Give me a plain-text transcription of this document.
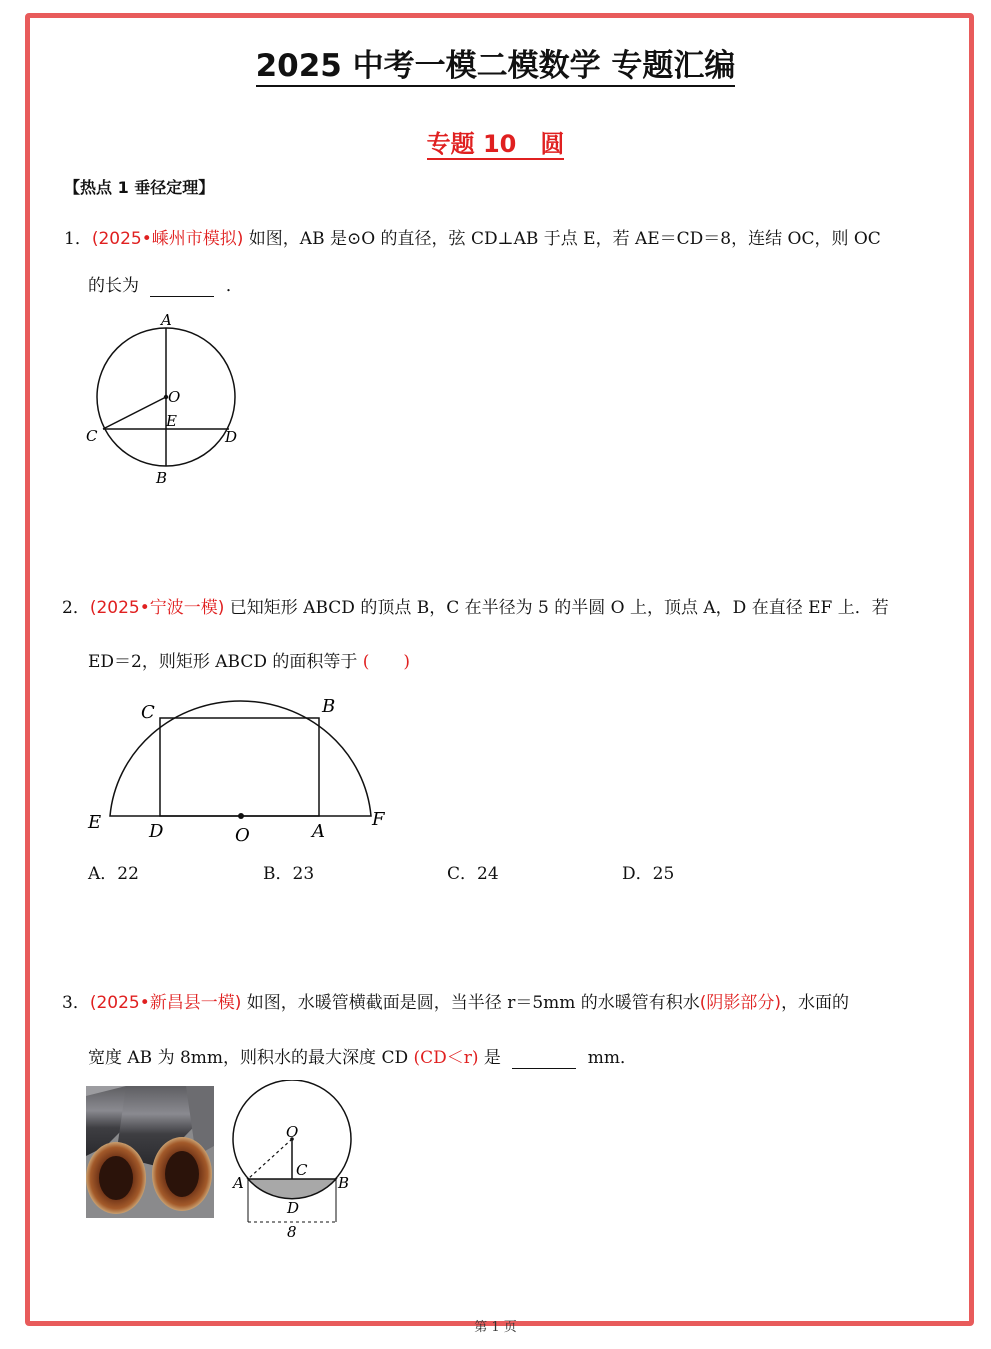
2025 中考一模二模数学 专题汇编
专题 10　圆
【热点 1 垂径定理】
1．(2025•嵊州市模拟) 如图，AB 是⊙O 的直径，弦 CD⊥AB 于点 E，若 AE＝CD＝8，连结 OC，则 OC
的长为	．
A
B
C	D
E
O
2．(2025•宁波一模) 已知矩形 ABCD 的顶点 B，C 在半径为 5 的半圆 O 上，顶点 A，D 在直径 EF 上．若
ED＝2，则矩形 ABCD 的面积等于 (　　)
E	F
D	O	A
C	B
A．22	B．23	C．24	D．25
3．(2025•新昌县一模) 如图，水暖管横截面是圆，当半径 r＝5mm 的水暖管有积水(阴影部分)，水面的
宽度 AB 为 8mm，则积水的最大深度 CD (CD＜r) 是	mm．
O
C
A	B
D
8
第 1 页
